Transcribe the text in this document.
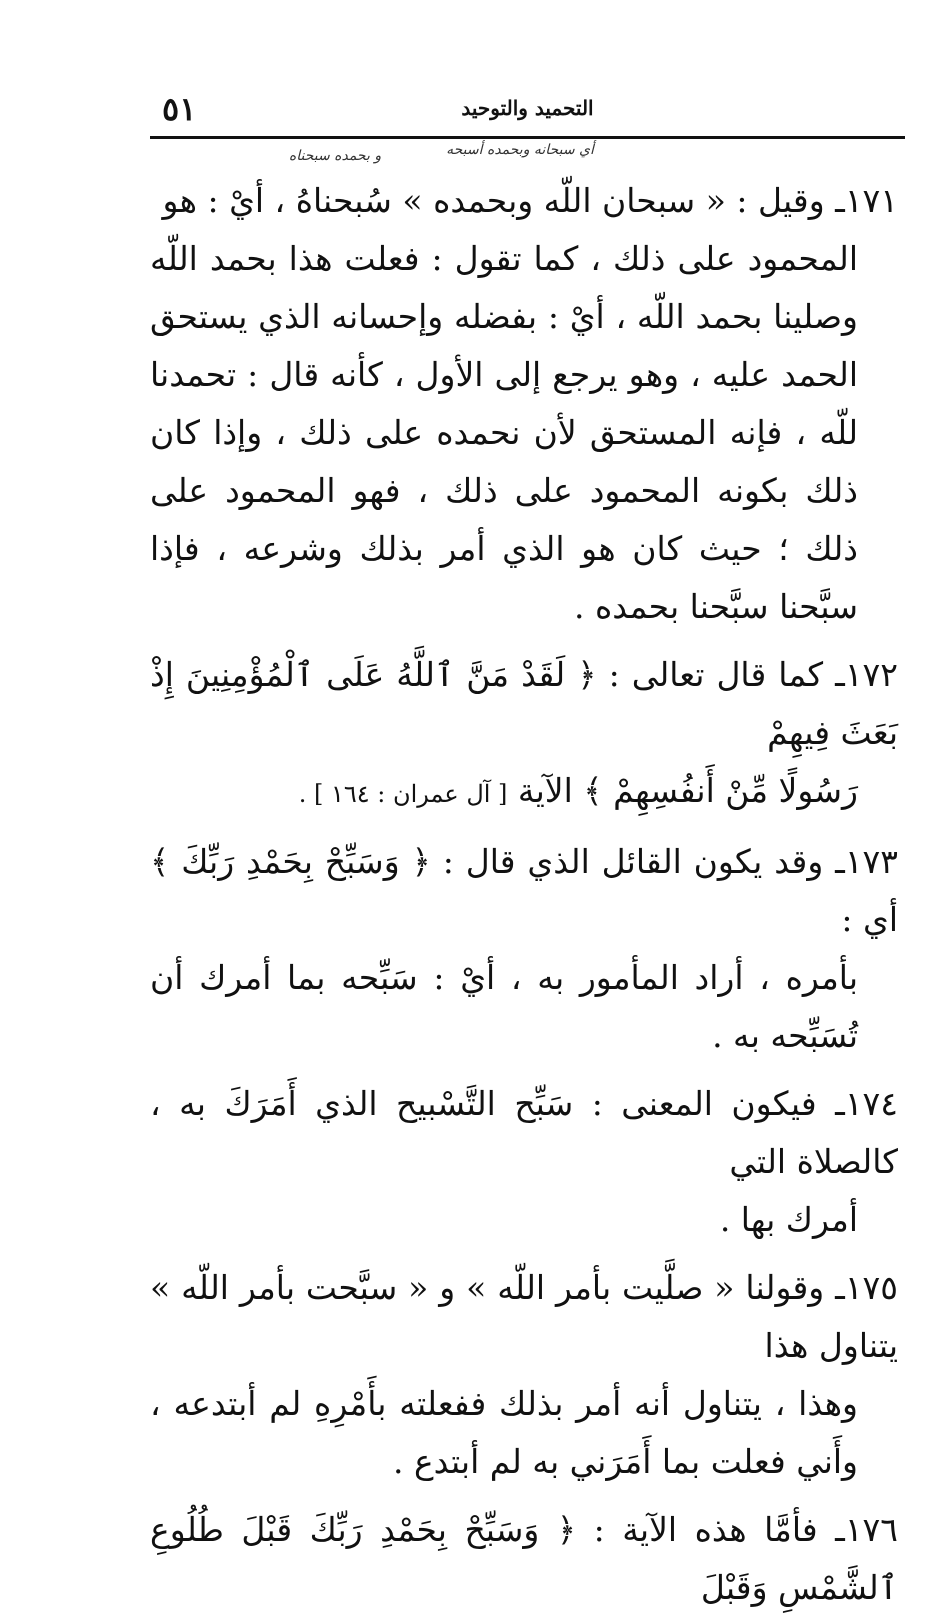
٥١	التحميد والتوحيد
أي سبحانه وبحمده أسبحه
و بحمده سبحناه
١٧١ـ وقيل : « سبحان اللّه وبحمده » سُبحناهُ ، أيْ : هو
المحمود على ذلك ، كما تقول : فعلت هذا بحمد اللّه وصلينا بحمد اللّه ، أيْ : بفضله وإحسانه الذي يستحق الحمد عليه ، وهو يرجع إلى الأول ، كأنه قال : تحمدنا للّه ، فإنه المستحق لأن نحمده على ذلك ، وإذا كان ذلك بكونه المحمود على ذلك ، فهو المحمود على ذلك ؛ حيث كان هو الذي أمر بذلك وشرعه ، فإذا سبَّحنا سبَّحنا بحمده .
١٧٢ـ كما قال تعالى : ﴿ لَقَدْ مَنَّ ٱللَّهُ عَلَى ٱلْمُؤْمِنِينَ إِذْ بَعَثَ فِيهِمْ
رَسُولًا مِّنْ أَنفُسِهِمْ ﴾ الآية [ آل عمران : ١٦٤ ] .
١٧٣ـ وقد يكون القائل الذي قال : ﴿ وَسَبِّحْ بِحَمْدِ رَبِّكَ ﴾ أي :
بأمره ، أراد المأمور به ، أيْ : سَبِّحه بما أمرك أن تُسَبِّحه به .
١٧٤ـ فيكون المعنى : سَبِّح التَّسْبيح الذي أَمَرَكَ به ، كالصلاة التي
أمرك بها .
١٧٥ـ وقولنا « صلَّيت بأمر اللّه » و « سبَّحت بأمر اللّه » يتناول هذا
وهذا ، يتناول أنه أمر بذلك ففعلته بأَمْرِهِ لم أبتدعه ، وأَني فعلت بما أَمَرَني به لم أبتدع .
١٧٦ـ فأمَّا هذه الآية : ﴿ وَسَبِّحْ بِحَمْدِ رَبِّكَ قَبْلَ طُلُوعِ ٱلشَّمْسِ وَقَبْلَ
